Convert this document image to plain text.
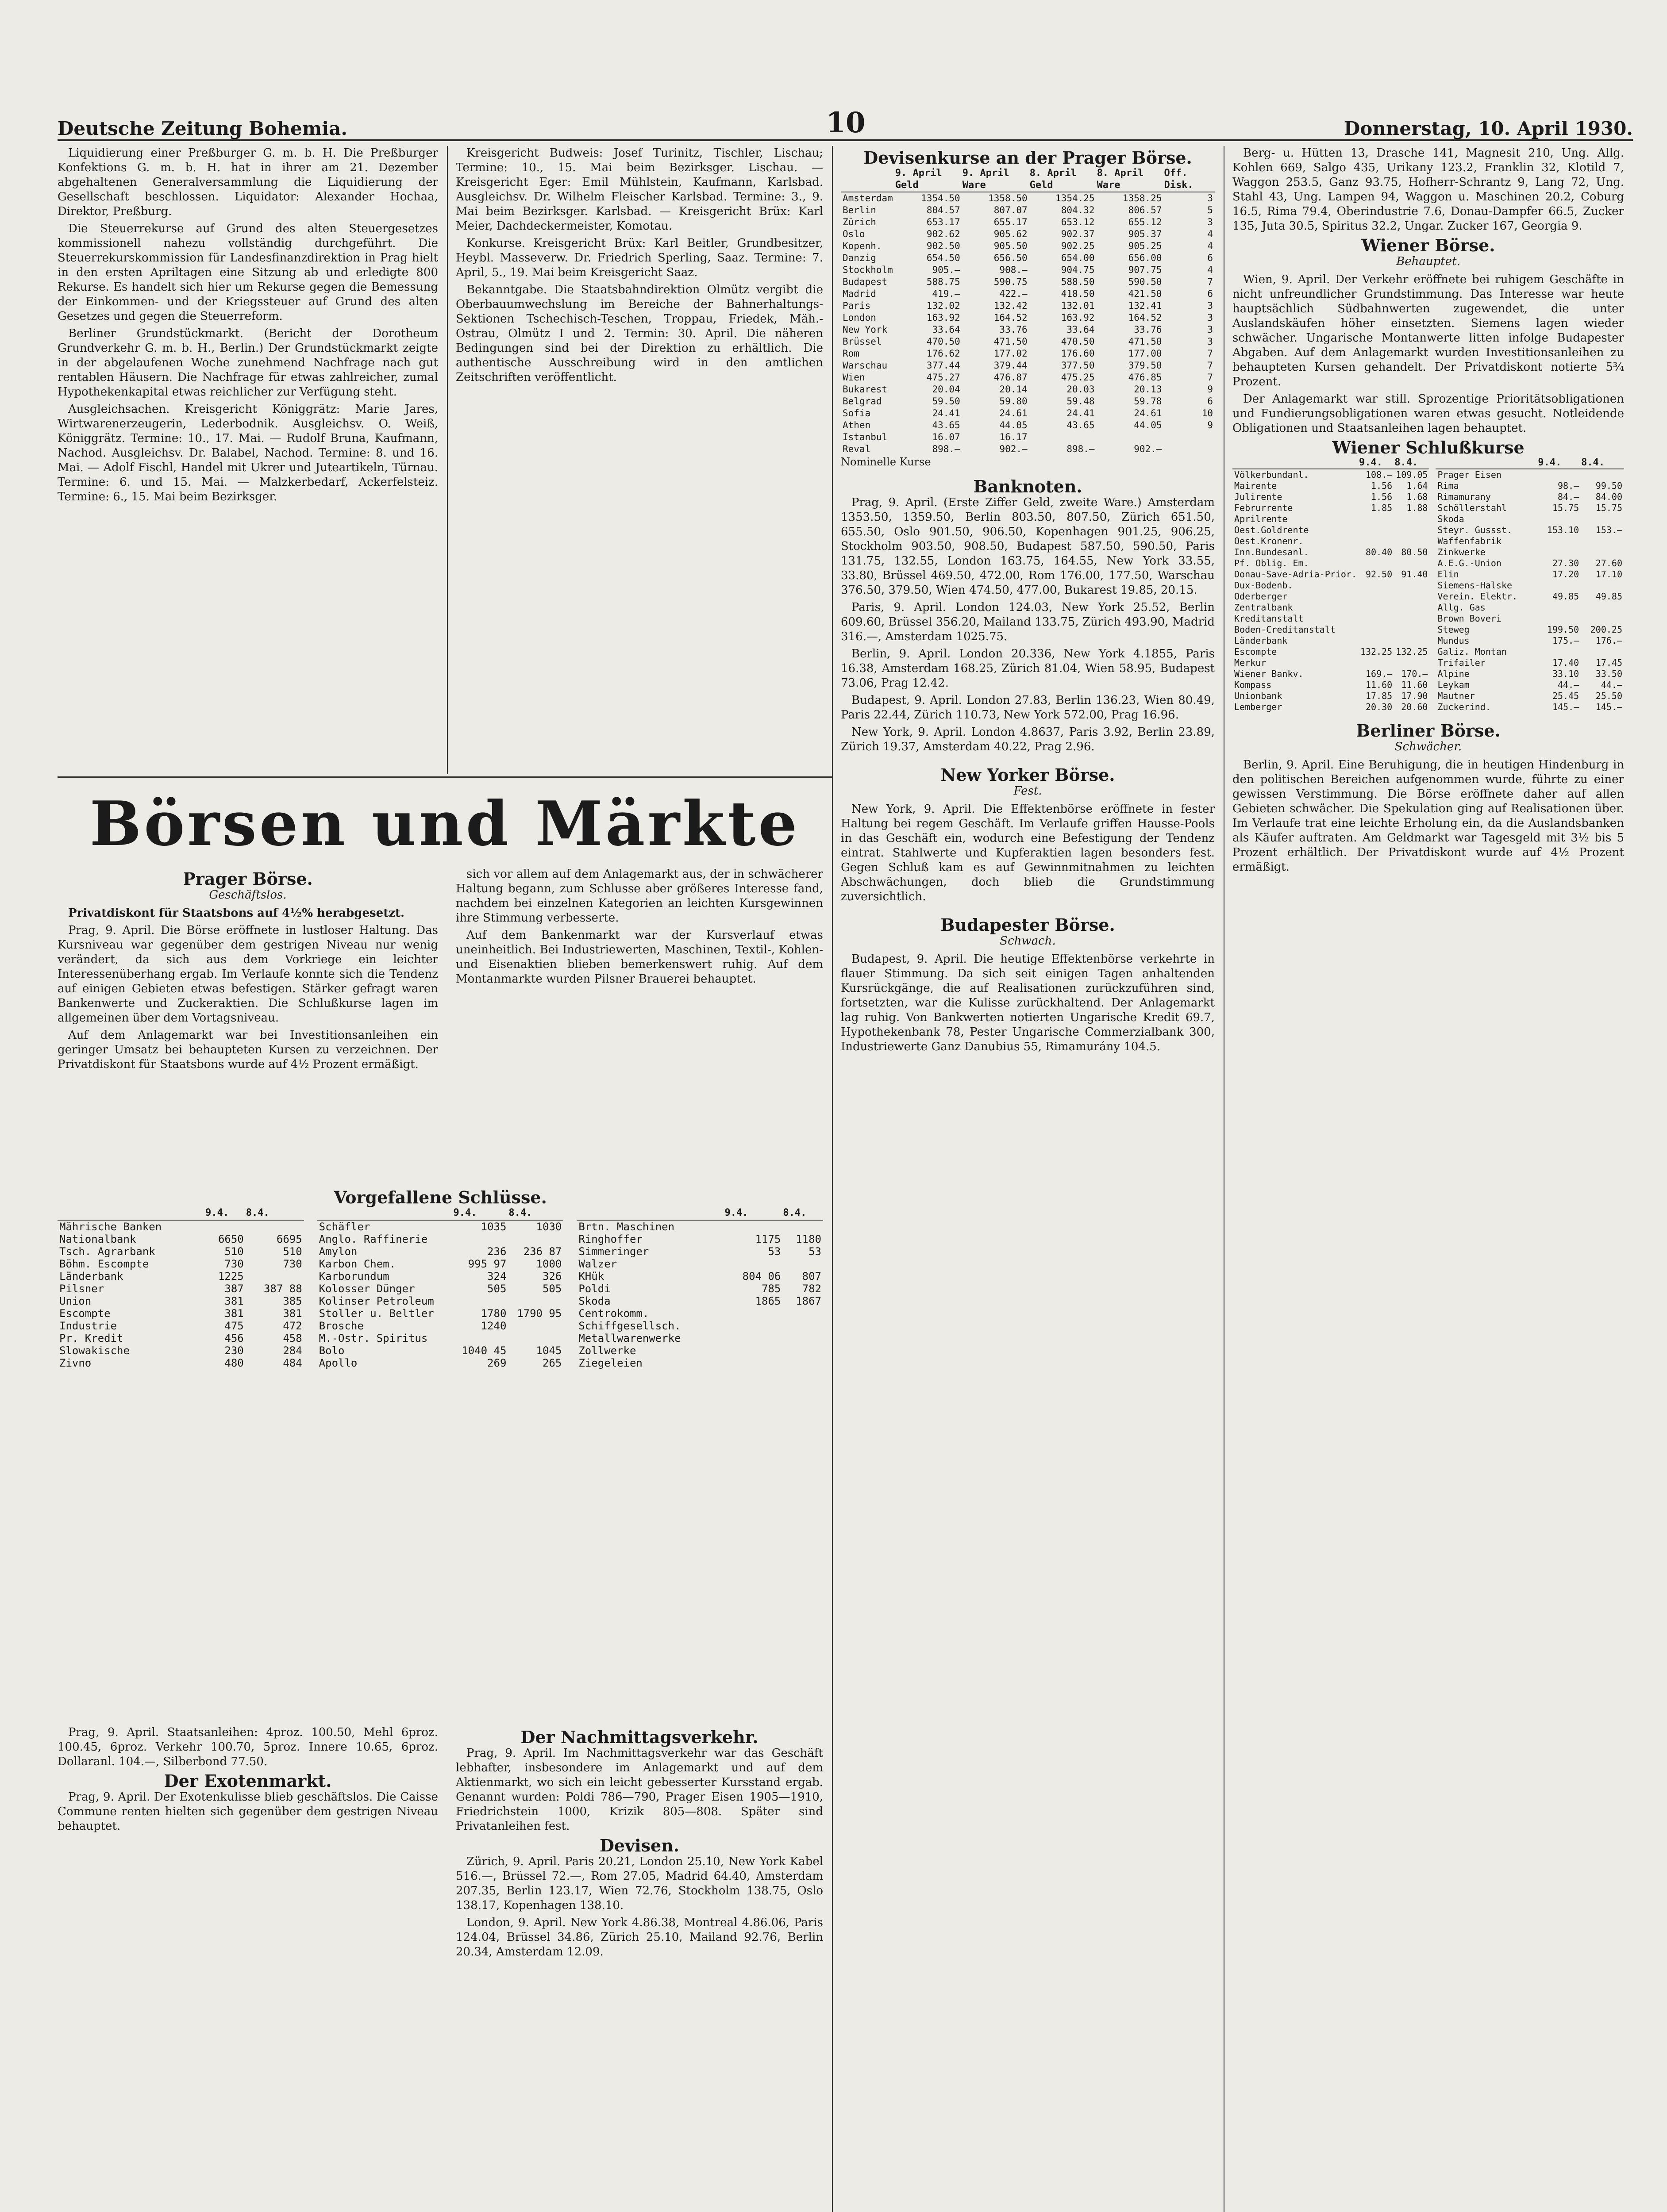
Deutsche Zeitung Bohemia.	10	Donnerstag, 10. April 1930.

Liquidierung einer Preßburger G. m. b. H. Die Preßburger Konfektions G. m. b. H. hat in ihrer am 21. Dezember abgehaltenen Generalversammlung die Liquidierung der Gesellschaft beschlossen. Liquidator: Alexander Hochaa, Direktor, Preßburg.

Die Steuerrekurse auf Grund des alten Steuergesetzes kommissionell nahezu vollständig durchgeführt. Die Steuerrekurskommission für Landesfinanzdirektion in Prag hielt in den ersten Apriltagen eine Sitzung ab und erledigte 800 Rekurse. Es handelt sich hier um Rekurse gegen die Bemessung der Einkommen- und der Kriegssteuer auf Grund des alten Gesetzes und gegen die Steuerreform.

Berliner Grundstückmarkt. (Bericht der Dorotheum Grundverkehr G. m. b. H., Berlin.) Der Grundstückmarkt zeigte in der abgelaufenen Woche zunehmend Nachfrage nach gut rentablen Häusern. Die Nachfrage für etwas zahlreicher, zumal Hypothekenkapital etwas reichlicher zur Verfügung steht.

Ausgleichsachen. Kreisgericht Königgrätz: Marie Jares, Wirtwarenerzeugerin, Lederbodnik. Ausgleichsv. O. Weiß, Königgrätz. Termine: 10., 17. Mai. — Rudolf Bruna, Kaufmann, Nachod. Ausgleichsv. Dr. Balabel, Nachod. Termine: 8. und 16. Mai. — Adolf Fischl, Handel mit Ukrer und Juteartikeln, Türnau. Termine: 6. und 15. Mai. — Malzkerbedarf, Ackerfelsteiz. Termine: 6., 15. Mai beim Bezirksger.

Kreisgericht Budweis: Josef Turinitz, Tischler, Lischau; Termine: 10., 15. Mai beim Bezirksger. Lischau. — Kreisgericht Eger: Emil Mühlstein, Kaufmann, Karlsbad. Ausgleichsv. Dr. Wilhelm Fleischer Karlsbad. Termine: 3., 9. Mai beim Bezirksger. Karlsbad. — Kreisgericht Brüx: Karl Meier, Dachdeckermeister, Komotau.

Konkurse. Kreisgericht Brüx: Karl Beitler, Grundbesitzer, Heybl. Masseverw. Dr. Friedrich Sperling, Saaz. Termine: 7. April, 5., 19. Mai beim Kreisgericht Saaz.

Bekanntgabe. Die Staatsbahndirektion Olmütz vergibt die Oberbauumwechslung im Bereiche der Bahnerhaltungs-Sektionen Tschechisch-Teschen, Troppau, Friedek, Mäh.-Ostrau, Olmütz I und 2. Termin: 30. April. Die näheren Bedingungen sind bei der Direktion zu erhältlich. Die authentische Ausschreibung wird in den amtlichen Zeitschriften veröffentlicht.

Börsen und Märkte
Prager Börse.
Geschäftslos.

Privatdiskont für Staatsbons auf 4½% herabgesetzt.

Prag, 9. April. Die Börse eröffnete in lustloser Haltung. Das Kursniveau war gegenüber dem gestrigen Niveau nur wenig verändert, da sich aus dem Vorkriege ein leichter Interessenüberhang ergab. Im Verlaufe konnte sich die Tendenz auf einigen Gebieten etwas befestigen. Stärker gefragt waren Bankenwerte und Zuckeraktien. Die Schlußkurse lagen im allgemeinen über dem Vortagsniveau.

Auf dem Anlagemarkt war bei Investitionsanleihen ein geringer Umsatz bei behaupteten Kursen zu verzeichnen. Der Privatdiskont für Staatsbons wurde auf 4½ Prozent ermäßigt.

sich vor allem auf dem Anlagemarkt aus, der in schwächerer Haltung begann, zum Schlusse aber größeres Interesse fand, nachdem bei einzelnen Kategorien an leichten Kursgewinnen ihre Stimmung verbesserte.

Auf dem Bankenmarkt war der Kursverlauf etwas uneinheitlich. Bei Industriewerten, Maschinen, Textil-, Kohlen- und Eisenaktien blieben bemerkenswert ruhig. Auf dem Montanmarkte wurden Pilsner Brauerei behauptet.

Vorgefallene Schlüsse.
	9.4.	8.4.
Mährische Banken		
Nationalbank	6650	6695
Tsch. Agrarbank	510	510
Böhm. Escompte	730	730
Länderbank	1225	
Pilsner	387	387 88
Union	381	385
Escompte	381	381
Industrie	475	472
Pr. Kredit	456	458
Slowakische	230	284
Zivno	480	484
	9.4.	8.4.
Schäfler	1035	1030
Anglo. Raffinerie		
Amylon	236	236 87
Karbon Chem.	995 97	1000
Karborundum	324	326
Kolosser Dünger	505	505
Kolinser Petroleum		
Stoller u. Beltler	1780	1790 95
Brosche	1240	
M.-Ostr. Spiritus		
Bolo	1040 45	1045
Apollo	269	265
	9.4.	8.4.
Brtn. Maschinen		
Ringhoffer	1175	1180
Simmeringer	53	53
Walzer		
KHük	804 06	807
Poldi	785	782
Skoda	1865	1867
Centrokomm.		
Schiffgesellsch.		
Metallwarenwerke		
Zollwerke		
Ziegeleien		

Prag, 9. April. Staatsanleihen: 4proz. 100.50, Mehl 6proz. 100.45, 6proz. Verkehr 100.70, 5proz. Innere 10.65, 6proz. Dollaranl. 104.—, Silberbond 77.50.

Der Exotenmarkt.

Prag, 9. April. Der Exotenkulisse blieb geschäftslos. Die Caisse Commune renten hielten sich gegenüber dem gestrigen Niveau behauptet.

Der Nachmittagsverkehr.

Prag, 9. April. Im Nachmittagsverkehr war das Geschäft lebhafter, insbesondere im Anlagemarkt und auf dem Aktienmarkt, wo sich ein leicht gebesserter Kursstand ergab. Genannt wurden: Poldi 786—790, Prager Eisen 1905—1910, Friedrichstein 1000, Krizik 805—808. Später sind Privatanleihen fest.

Devisen.

Zürich, 9. April. Paris 20.21, London 25.10, New York Kabel 516.—, Brüssel 72.—, Rom 27.05, Madrid 64.40, Amsterdam 207.35, Berlin 123.17, Wien 72.76, Stockholm 138.75, Oslo 138.17, Kopenhagen 138.10.

London, 9. April. New York 4.86.38, Montreal 4.86.06, Paris 124.04, Brüssel 34.86, Zürich 25.10, Mailand 92.76, Berlin 20.34, Amsterdam 12.09.

Devisenkurse an der Prager Börse.
	9. April Geld	9. April Ware	8. April Geld	8. April Ware	Off. Disk.
Amsterdam	1354.50	1358.50	1354.25	1358.25	3
Berlin	804.57	807.07	804.32	806.57	5
Zürich	653.17	655.17	653.12	655.12	3
Oslo	902.62	905.62	902.37	905.37	4
Kopenh.	902.50	905.50	902.25	905.25	4
Danzig	654.50	656.50	654.00	656.00	6
Stockholm	905.—	908.—	904.75	907.75	4
Budapest	588.75	590.75	588.50	590.50	7
Madrid	419.—	422.—	418.50	421.50	6
Paris	132.02	132.42	132.01	132.41	3
London	163.92	164.52	163.92	164.52	3
New York	33.64	33.76	33.64	33.76	3
Brüssel	470.50	471.50	470.50	471.50	3
Rom	176.62	177.02	176.60	177.00	7
Warschau	377.44	379.44	377.50	379.50	7
Wien	475.27	476.87	475.25	476.85	7
Bukarest	20.04	20.14	20.03	20.13	9
Belgrad	59.50	59.80	59.48	59.78	6
Sofia	24.41	24.61	24.41	24.61	10
Athen	43.65	44.05	43.65	44.05	9
Istanbul	16.07	16.17			
Reval	898.—	902.—	898.—	902.—	
Nominelle Kurse
Banknoten.

Prag, 9. April. (Erste Ziffer Geld, zweite Ware.) Amsterdam 1353.50, 1359.50, Berlin 803.50, 807.50, Zürich 651.50, 655.50, Oslo 901.50, 906.50, Kopenhagen 901.25, 906.25, Stockholm 903.50, 908.50, Budapest 587.50, 590.50, Paris 131.75, 132.55, London 163.75, 164.55, New York 33.55, 33.80, Brüssel 469.50, 472.00, Rom 176.00, 177.50, Warschau 376.50, 379.50, Wien 474.50, 477.00, Bukarest 19.85, 20.15.

Paris, 9. April. London 124.03, New York 25.52, Berlin 609.60, Brüssel 356.20, Mailand 133.75, Zürich 493.90, Madrid 316.—, Amsterdam 1025.75.

Berlin, 9. April. London 20.336, New York 4.1855, Paris 16.38, Amsterdam 168.25, Zürich 81.04, Wien 58.95, Budapest 73.06, Prag 12.42.

Budapest, 9. April. London 27.83, Berlin 136.23, Wien 80.49, Paris 22.44, Zürich 110.73, New York 572.00, Prag 16.96.

New York, 9. April. London 4.8637, Paris 3.92, Berlin 23.89, Zürich 19.37, Amsterdam 40.22, Prag 2.96.

New Yorker Börse.
Fest.

New York, 9. April. Die Effektenbörse eröffnete in fester Haltung bei regem Geschäft. Im Verlaufe griffen Hausse-Pools in das Geschäft ein, wodurch eine Befestigung der Tendenz eintrat. Stahlwerte und Kupferaktien lagen besonders fest. Gegen Schluß kam es auf Gewinnmitnahmen zu leichten Abschwächungen, doch blieb die Grundstimmung zuversichtlich.

Budapester Börse.
Schwach.

Budapest, 9. April. Die heutige Effektenbörse verkehrte in flauer Stimmung. Da sich seit einigen Tagen anhaltenden Kursrückgänge, die auf Realisationen zurückzuführen sind, fortsetzten, war die Kulisse zurückhaltend. Der Anlagemarkt lag ruhig. Von Bankwerten notierten Ungarische Kredit 69.7, Hypothekenbank 78, Pester Ungarische Commerzialbank 300, Industriewerte Ganz Danubius 55, Rimamurány 104.5.

Berg- u. Hütten 13, Drasche 141, Magnesit 210, Ung. Allg. Kohlen 669, Salgo 435, Urikany 123.2, Franklin 32, Klotild 7, Waggon 253.5, Ganz 93.75, Hofherr-Schrantz 9, Lang 72, Ung. Stahl 43, Ung. Lampen 94, Waggon u. Maschinen 20.2, Coburg 16.5, Rima 79.4, Oberindustrie 7.6, Donau-Dampfer 66.5, Zucker 135, Juta 30.5, Spiritus 32.2, Ungar. Zucker 167, Georgia 9.

Wiener Börse.
Behauptet.

Wien, 9. April. Der Verkehr eröffnete bei ruhigem Geschäfte in nicht unfreundlicher Grundstimmung. Das Interesse war heute hauptsächlich Südbahnwerten zugewendet, die unter Auslandskäufen höher einsetzten. Siemens lagen wieder schwächer. Ungarische Montanwerte litten infolge Budapester Abgaben. Auf dem Anlagemarkt wurden Investitionsanleihen zu behaupteten Kursen gehandelt. Der Privatdiskont notierte 5¾ Prozent.

Der Anlagemarkt war still. Sprozentige Prioritätsobligationen und Fundierungsobligationen waren etwas gesucht. Notleidende Obligationen und Staatsanleihen lagen behauptet.

Wiener Schlußkurse
	9.4.	8.4.
Völkerbundanl.	108.—	109.05
Mairente	1.56	1.64
Julirente	1.56	1.68
Februrrente	1.85	1.88
Aprilrente		
Oest.Goldrente		
Oest.Kronenr.		
Inn.Bundesanl.	80.40	80.50
Pf. Oblig. Em.		
Donau-Save-Adria-Prior.	92.50	91.40
Dux-Bodenb.		
Oderberger		
Zentralbank		
Kreditanstalt		
Boden-Creditanstalt		
Länderbank		
Escompte	132.25	132.25
Merkur		
Wiener Bankv.	169.—	170.—
Kompass	11.60	11.60
Unionbank	17.85	17.90
Lemberger	20.30	20.60
	9.4.	8.4.
Prager Eisen		
Rima	98.—	99.50
Rimamurany	84.—	84.00
Schöllerstahl	15.75	15.75
Skoda		
Steyr. Gussst.	153.10	153.—
Waffenfabrik		
Zinkwerke		
A.E.G.-Union	27.30	27.60
Elin	17.20	17.10
Siemens-Halske		
Verein. Elektr.	49.85	49.85
Allg. Gas		
Brown Boveri		
Steweg	199.50	200.25
Mundus	175.—	176.—
Galiz. Montan		
Trifailer	17.40	17.45
Alpine	33.10	33.50
Leykam	44.—	44.—
Mautner	25.45	25.50
Zuckerind.	145.—	145.—
Berliner Börse.
Schwächer.

Berlin, 9. April. Eine Beruhigung, die in heutigen Hindenburg in den politischen Bereichen aufgenommen wurde, führte zu einer gewissen Verstimmung. Die Börse eröffnete daher auf allen Gebieten schwächer. Die Spekulation ging auf Realisationen über. Im Verlaufe trat eine leichte Erholung ein, da die Auslandsbanken als Käufer auftraten. Am Geldmarkt war Tagesgeld mit 3½ bis 5 Prozent erhältlich. Der Privatdiskont wurde auf 4½ Prozent ermäßigt.
